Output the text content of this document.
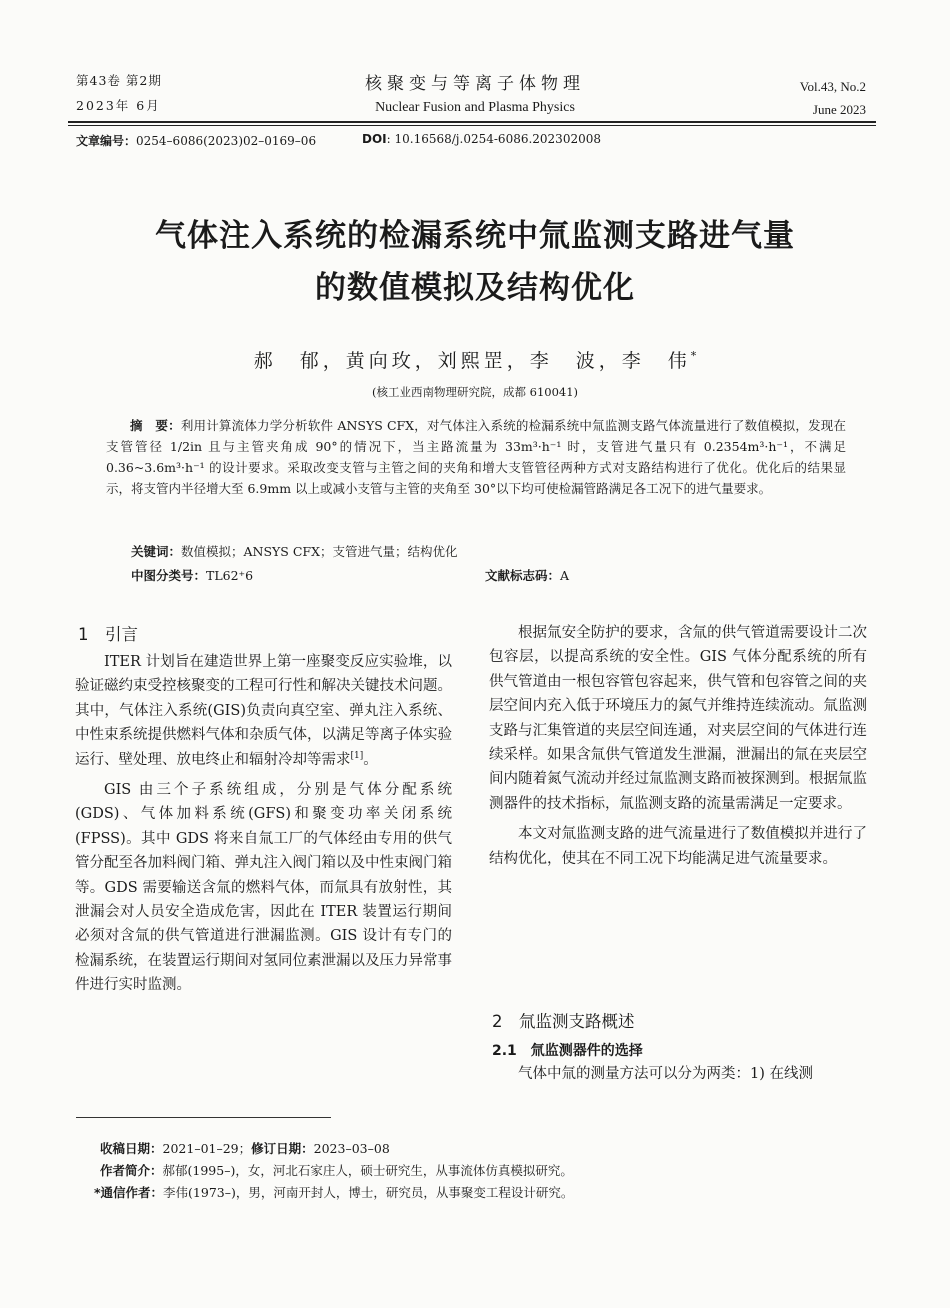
第43卷 第2期
2023年 6月
核聚变与等离子体物理
Nuclear Fusion and Plasma Physics
Vol.43, No.2
June 2023
文章编号：0254–6086(2023)02–0169–06	DOI: 10.16568/j.0254-6086.202302008
气体注入系统的检漏系统中氚监测支路进气量
的数值模拟及结构优化
郝　郁，黄向玫，刘熙罡，李　波，李　伟*
(核工业西南物理研究院，成都 610041)

摘　要：利用计算流体力学分析软件 ANSYS CFX，对气体注入系统的检漏系统中氚监测支路气体流量进行了数值模拟，发现在支管管径 1/2in 且与主管夹角成 90°的情况下，当主路流量为 33m³·h⁻¹ 时，支管进气量只有 0.2354m³·h⁻¹，不满足 0.36~3.6m³·h⁻¹ 的设计要求。采取改变支管与主管之间的夹角和增大支管管径两种方式对支路结构进行了优化。优化后的结果显示，将支管内半径增大至 6.9mm 以上或减小支管与主管的夹角至 30°以下均可使检漏管路满足各工况下的进气量要求。

关键词：数值模拟；ANSYS CFX；支管进气量；结构优化
中图分类号：TL62⁺6	文献标志码：A
1　引言

ITER 计划旨在建造世界上第一座聚变反应实验堆，以验证磁约束受控核聚变的工程可行性和解决关键技术问题。其中，气体注入系统(GIS)负责向真空室、弹丸注入系统、中性束系统提供燃料气体和杂质气体，以满足等离子体实验运行、壁处理、放电终止和辐射冷却等需求[1]。

GIS 由三个子系统组成，分别是气体分配系统(GDS)、气体加料系统(GFS)和聚变功率关闭系统(FPSS)。其中 GDS 将来自氚工厂的气体经由专用的供气管分配至各加料阀门箱、弹丸注入阀门箱以及中性束阀门箱等。GDS 需要输送含氚的燃料气体，而氚具有放射性，其泄漏会对人员安全造成危害，因此在 ITER 装置运行期间必须对含氚的供气管道进行泄漏监测。GIS 设计有专门的检漏系统，在装置运行期间对氢同位素泄漏以及压力异常事件进行实时监测。

根据氚安全防护的要求，含氚的供气管道需要设计二次包容层，以提高系统的安全性。GIS 气体分配系统的所有供气管道由一根包容管包容起来，供气管和包容管之间的夹层空间内充入低于环境压力的氮气并维持连续流动。氚监测支路与汇集管道的夹层空间连通，对夹层空间的气体进行连续采样。如果含氚供气管道发生泄漏，泄漏出的氚在夹层空间内随着氮气流动并经过氚监测支路而被探测到。根据氚监测器件的技术指标，氚监测支路的流量需满足一定要求。

本文对氚监测支路的进气流量进行了数值模拟并进行了结构优化，使其在不同工况下均能满足进气流量要求。

2　氚监测支路概述
2.1　氚监测器件的选择

气体中氚的测量方法可以分为两类：1) 在线测

收稿日期：2021–01–29；修订日期：2023–03–08
作者简介：郝郁(1995–)，女，河北石家庄人，硕士研究生，从事流体仿真模拟研究。
*通信作者：李伟(1973–)，男，河南开封人，博士，研究员，从事聚变工程设计研究。
